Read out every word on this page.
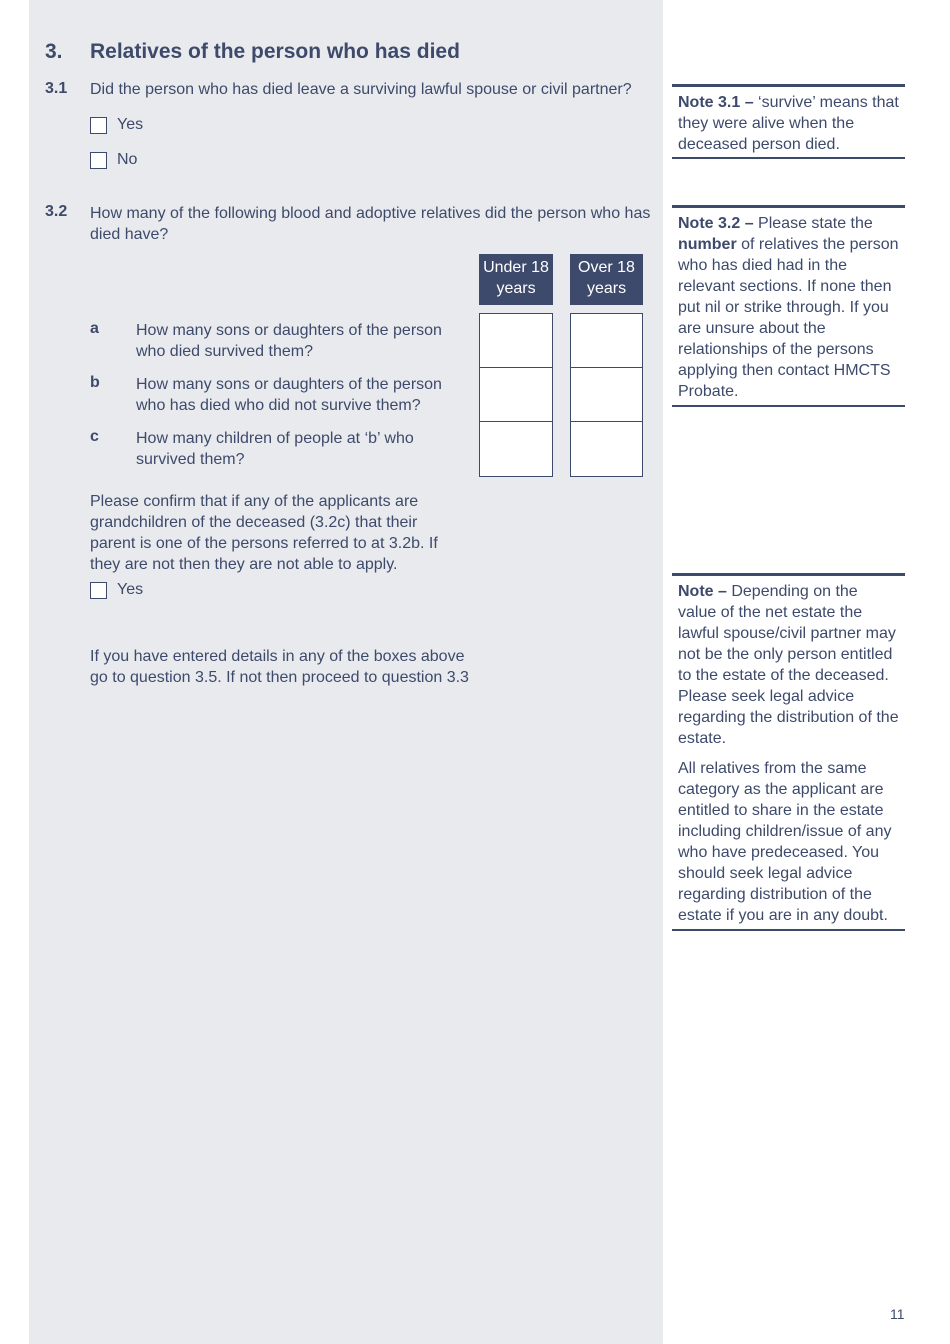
3. Relatives of the person who has died
3.1 Did the person who has died leave a surviving lawful spouse or civil partner?
Yes
No
3.2 How many of the following blood and adoptive relatives did the person who has died have?
Under 18 years
Over 18 years
a How many sons or daughters of the person who died survived them?
b How many sons or daughters of the person who has died who did not survive them?
c How many children of people at ‘b’ who survived them?
Please confirm that if any of the applicants are grandchildren of the deceased (3.2c) that their parent is one of the persons referred to at 3.2b. If they are not then they are not able to apply.
Yes
If you have entered details in any of the boxes above go to question 3.5. If not then proceed to question 3.3

Note 3.1 – ‘survive’ means that they were alive when the deceased person died.

Note 3.2 – Please state the number of relatives the person who has died had in the relevant sections. If none then put nil or strike through. If you are unsure about the relationships of the persons applying then contact HMCTS Probate.

Note – Depending on the value of the net estate the lawful spouse/civil partner may not be the only person entitled to the estate of the deceased. Please seek legal advice regarding the distribution of the estate.

All relatives from the same category as the applicant are entitled to share in the estate including children/issue of any who have predeceased. You should seek legal advice regarding distribution of the estate if you are in any doubt.

11
